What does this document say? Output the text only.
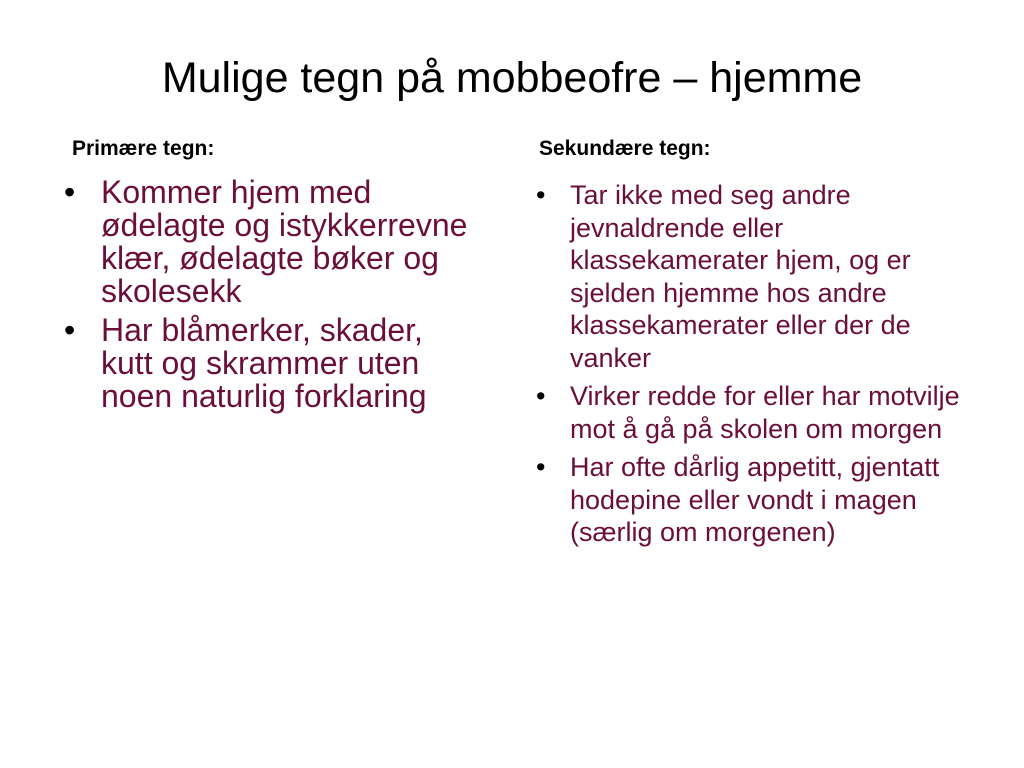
Mulige tegn på mobbeofre – hjemme
Primære tegn:	Sekundære tegn:
• Kommer hjem med ødelagte og istykkerrevne klær, ødelagte bøker og skolesekk
• Har blåmerker, skader, kutt og skrammer uten noen naturlig forklaring
• Tar ikke med seg andre jevnaldrende eller klassekamerater hjem, og er sjelden hjemme hos andre klassekamerater eller der de vanker
• Virker redde for eller har motvilje mot å gå på skolen om morgen
• Har ofte dårlig appetitt, gjentatt hodepine eller vondt i magen (særlig om morgenen)
